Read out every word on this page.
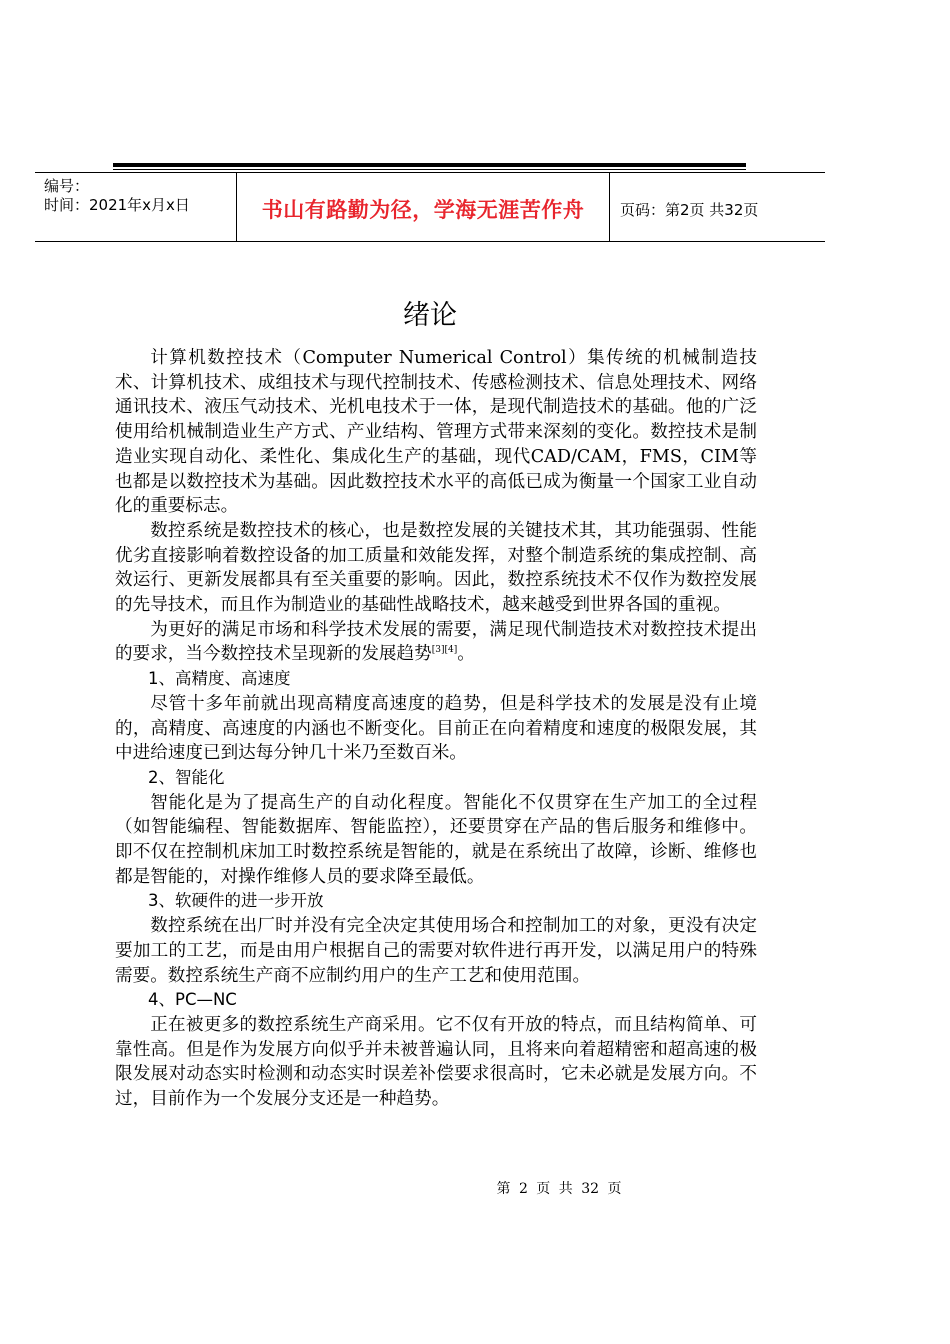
编号：
时间：2021年x月x日	书山有路勤为径，学海无涯苦作舟	页码：第2页 共32页
绪论

计算机数控技术（Computer Numerical Control）集传统的机械制造技术、计算机技术、成组技术与现代控制技术、传感检测技术、信息处理技术、网络通讯技术、液压气动技术、光机电技术于一体，是现代制造技术的基础。他的广泛使用给机械制造业生产方式、产业结构、管理方式带来深刻的变化。数控技术是制造业实现自动化、柔性化、集成化生产的基础，现代CAD/CAM，FMS，CIM等也都是以数控技术为基础。因此数控技术水平的高低已成为衡量一个国家工业自动化的重要标志。

数控系统是数控技术的核心，也是数控发展的关键技术其，其功能强弱、性能优劣直接影响着数控设备的加工质量和效能发挥，对整个制造系统的集成控制、高效运行、更新发展都具有至关重要的影响。因此，数控系统技术不仅作为数控发展的先导技术，而且作为制造业的基础性战略技术，越来越受到世界各国的重视。

为更好的满足市场和科学技术发展的需要，满足现代制造技术对数控技术提出的要求，当今数控技术呈现新的发展趋势[3][4]。

1、高精度、高速度

尽管十多年前就出现高精度高速度的趋势，但是科学技术的发展是没有止境的，高精度、高速度的内涵也不断变化。目前正在向着精度和速度的极限发展，其中进给速度已到达每分钟几十米乃至数百米。

2、智能化

智能化是为了提高生产的自动化程度。智能化不仅贯穿在生产加工的全过程（如智能编程、智能数据库、智能监控），还要贯穿在产品的售后服务和维修中。即不仅在控制机床加工时数控系统是智能的，就是在系统出了故障，诊断、维修也都是智能的，对操作维修人员的要求降至最低。

3、软硬件的进一步开放

数控系统在出厂时并没有完全决定其使用场合和控制加工的对象，更没有决定要加工的工艺，而是由用户根据自己的需要对软件进行再开发，以满足用户的特殊需要。数控系统生产商不应制约用户的生产工艺和使用范围。

4、PC—NC

正在被更多的数控系统生产商采用。它不仅有开放的特点，而且结构简单、可靠性高。但是作为发展方向似乎并未被普遍认同，且将来向着超精密和超高速的极限发展对动态实时检测和动态实时误差补偿要求很高时，它未必就是发展方向。不过，目前作为一个发展分支还是一种趋势。

第 2 页 共 32 页
